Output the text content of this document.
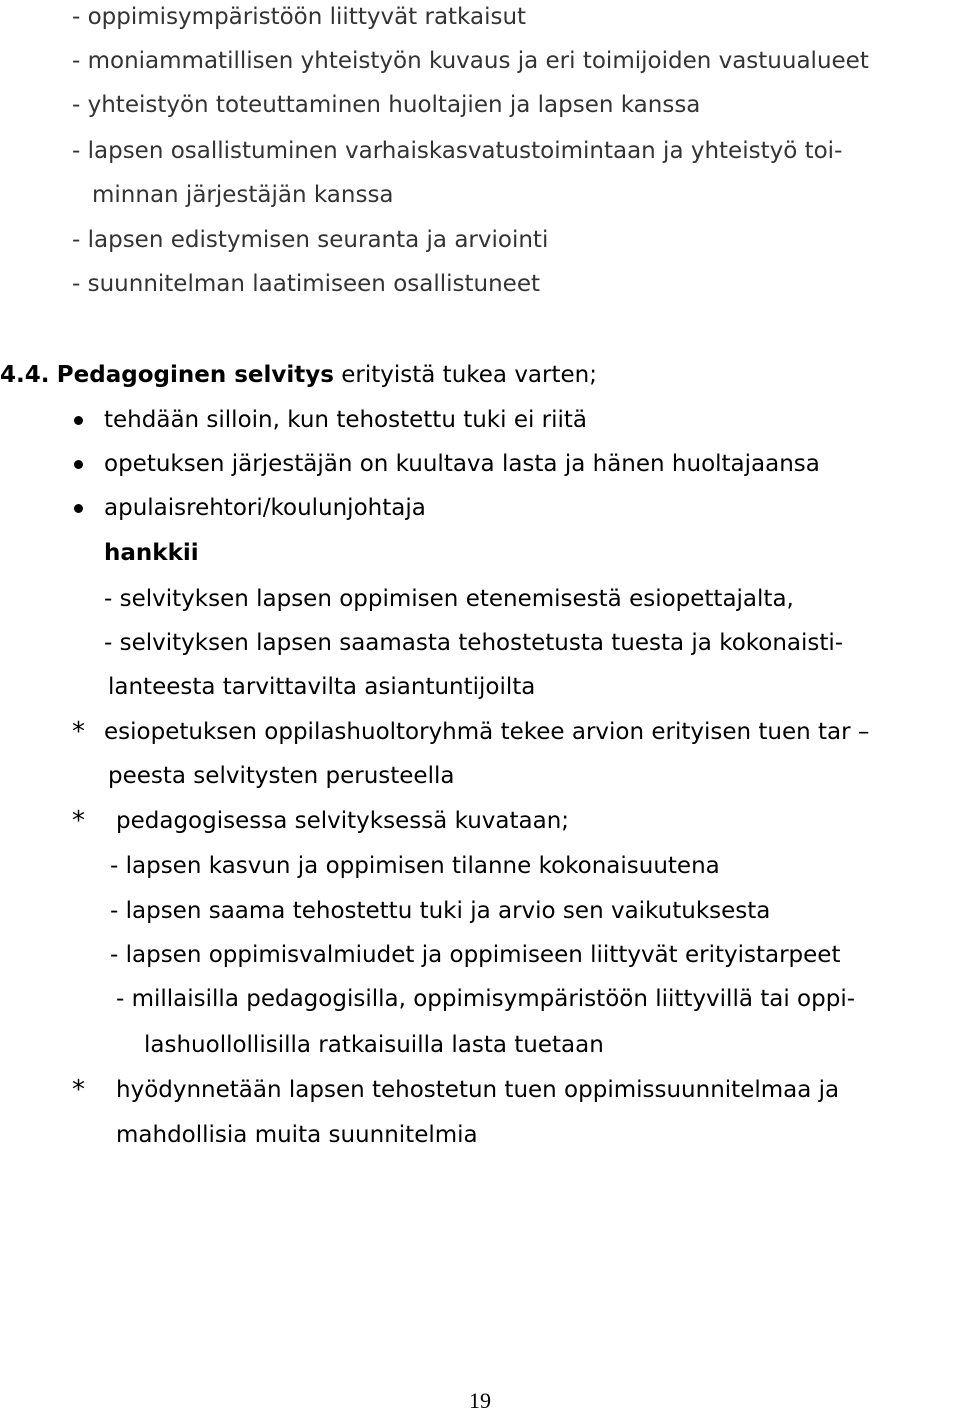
- oppimisympäristöön liittyvät ratkaisut
- moniammatillisen yhteistyön kuvaus ja eri toimijoiden vastuualueet
- yhteistyön toteuttaminen huoltajien ja lapsen kanssa
- lapsen osallistuminen varhaiskasvatustoimintaan ja yhteistyö toi-
minnan järjestäjän kanssa
- lapsen edistymisen seuranta ja arviointi
- suunnitelman laatimiseen osallistuneet
4.4. Pedagoginen selvitys erityistä tukea varten;
tehdään silloin, kun tehostettu tuki ei riitä
opetuksen järjestäjän on kuultava lasta ja hänen huoltajaansa
apulaisrehtori/koulunjohtaja
hankkii
- selvityksen lapsen oppimisen etenemisestä esiopettajalta,
- selvityksen lapsen saamasta tehostetusta tuesta ja kokonaisti-
lanteesta tarvittavilta asiantuntijoilta
* esiopetuksen oppilashuoltoryhmä tekee arvion erityisen tuen tar –
peesta selvitysten perusteella
* pedagogisessa selvityksessä kuvataan;
- lapsen kasvun ja oppimisen tilanne kokonaisuutena
- lapsen saama tehostettu tuki ja arvio sen vaikutuksesta
- lapsen oppimisvalmiudet ja oppimiseen liittyvät erityistarpeet
- millaisilla pedagogisilla, oppimisympäristöön liittyvillä tai oppi-
lashuollollisilla ratkaisuilla lasta tuetaan
* hyödynnetään lapsen tehostetun tuen oppimissuunnitelmaa ja
mahdollisia muita suunnitelmia
19
